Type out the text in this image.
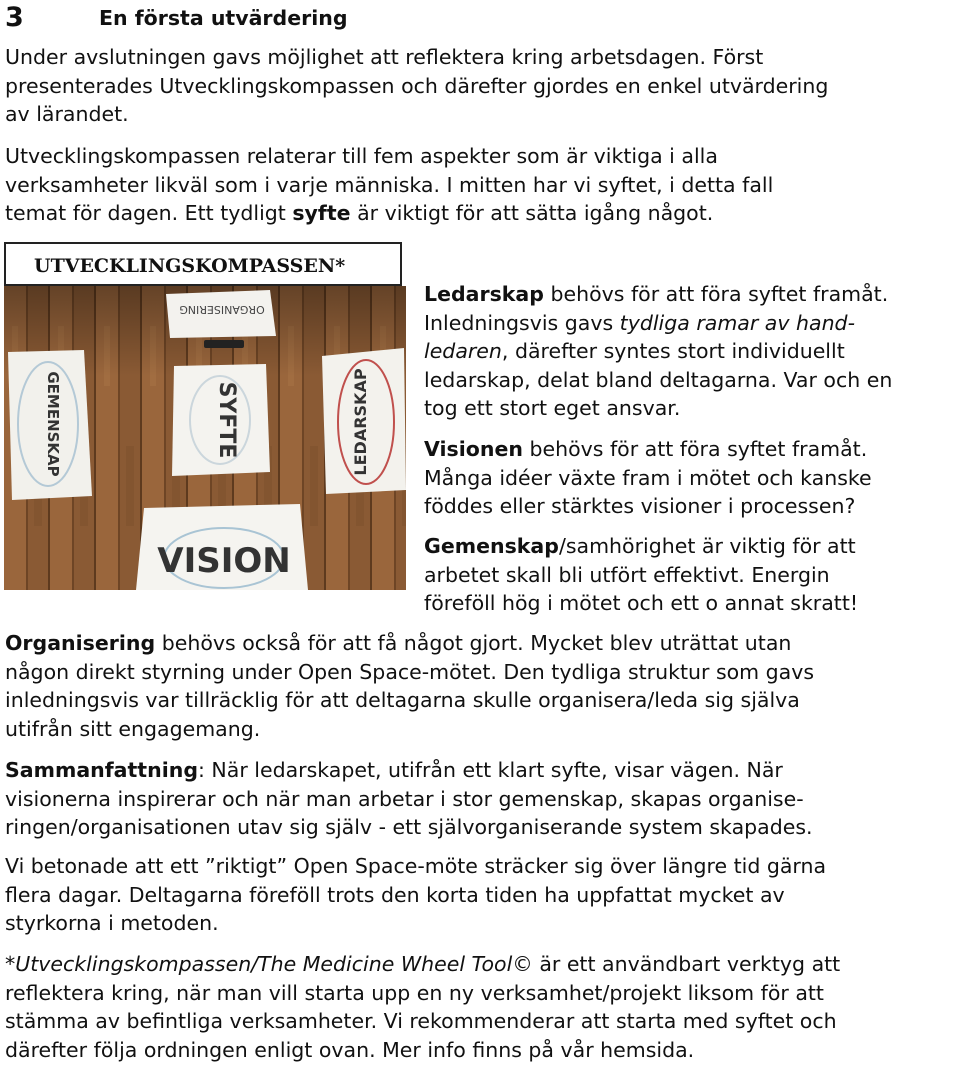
3	En första utvärdering

Under avslutningen gavs möjlighet att reflektera kring arbetsdagen. Först
presenterades Utvecklingskompassen och därefter gjordes en enkel utvärdering
av lärandet.

Utvecklingskompassen relaterar till fem aspekter som är viktiga i alla
verksamheter likväl som i varje människa. I mitten har vi syftet, i detta fall
temat för dagen. Ett tydligt syfte är viktigt för att sätta igång något.

UTVECKLINGSKOMPASSEN*
ORGANISERING
GEMENSKAP	SYFTE	LEDARSKAP
VISION

Ledarskap behövs för att föra syftet framåt.
Inledningsvis gavs tydliga ramar av hand-
ledaren, därefter syntes stort individuellt
ledarskap, delat bland deltagarna. Var och en
tog ett stort eget ansvar.

Visionen behövs för att föra syftet framåt.
Många idéer växte fram i mötet och kanske
föddes eller stärktes visioner i processen?

Gemenskap/samhörighet är viktig för att
arbetet skall bli utfört effektivt. Energin
föreföll hög i mötet och ett o annat skratt!

Organisering behövs också för att få något gjort. Mycket blev uträttat utan
någon direkt styrning under Open Space-mötet. Den tydliga struktur som gavs
inledningsvis var tillräcklig för att deltagarna skulle organisera/leda sig själva
utifrån sitt engagemang.

Sammanfattning: När ledarskapet, utifrån ett klart syfte, visar vägen. När
visionerna inspirerar och när man arbetar i stor gemenskap, skapas organise-
ringen/organisationen utav sig själv - ett självorganiserande system skapades.

Vi betonade att ett ”riktigt” Open Space-möte sträcker sig över längre tid gärna
flera dagar. Deltagarna föreföll trots den korta tiden ha uppfattat mycket av
styrkorna i metoden.

*Utvecklingskompassen/The Medicine Wheel Tool© är ett användbart verktyg att
reflektera kring, när man vill starta upp en ny verksamhet/projekt liksom för att
stämma av befintliga verksamheter. Vi rekommenderar att starta med syftet och
därefter följa ordningen enligt ovan. Mer info finns på vår hemsida.
